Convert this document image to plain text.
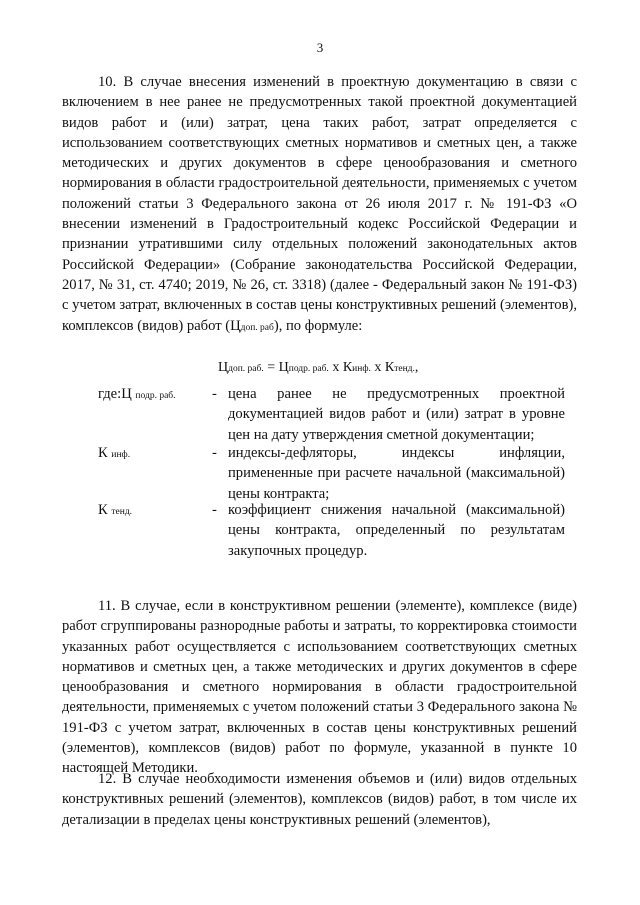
3

10. В случае внесения изменений в проектную документацию в связи с включением в нее ранее не предусмотренных такой проектной документацией видов работ и (или) затрат, цена таких работ, затрат определяется с использованием соответствующих сметных нормативов и сметных цен, а также методических и других документов в сфере ценообразования и сметного нормирования в области градостроительной деятельности, применяемых с учетом положений статьи 3 Федерального закона от 26 июля 2017 г. № 191-ФЗ «О внесении изменений в Градостроительный кодекс Российской Федерации и признании утратившими силу отдельных положений законодательных актов Российской Федерации» (Собрание законодательства Российской Федерации, 2017, № 31, ст. 4740; 2019, № 26, ст. 3318) (далее - Федеральный закон № 191-ФЗ) с учетом затрат, включенных в состав цены конструктивных решений (элементов), комплексов (видов) работ (Цдоп. раб), по формуле:

Цдоп. раб. = Цподр. раб. x Кинф. x Ктенд.,
где:Ц подр. раб.	- цена ранее не предусмотренных проектной документацией видов работ и (или) затрат в уровне цен на дату утверждения сметной документации;
К инф.	- индексы-дефляторы, индексы инфляции, примененные при расчете начальной (максимальной) цены контракта;
К тенд.	- коэффициент снижения начальной (максимальной) цены контракта, определенный по результатам закупочных процедур.

11. В случае, если в конструктивном решении (элементе), комплексе (виде) работ сгруппированы разнородные работы и затраты, то корректировка стоимости указанных работ осуществляется с использованием соответствующих сметных нормативов и сметных цен, а также методических и других документов в сфере ценообразования и сметного нормирования в области градостроительной деятельности, применяемых с учетом положений статьи 3 Федерального закона № 191-ФЗ с учетом затрат, включенных в состав цены конструктивных решений (элементов), комплексов (видов) работ по формуле, указанной в пункте 10 настоящей Методики.

12. В случае необходимости изменения объемов и (или) видов отдельных конструктивных решений (элементов), комплексов (видов) работ, в том числе их детализации в пределах цены конструктивных решений (элементов),
